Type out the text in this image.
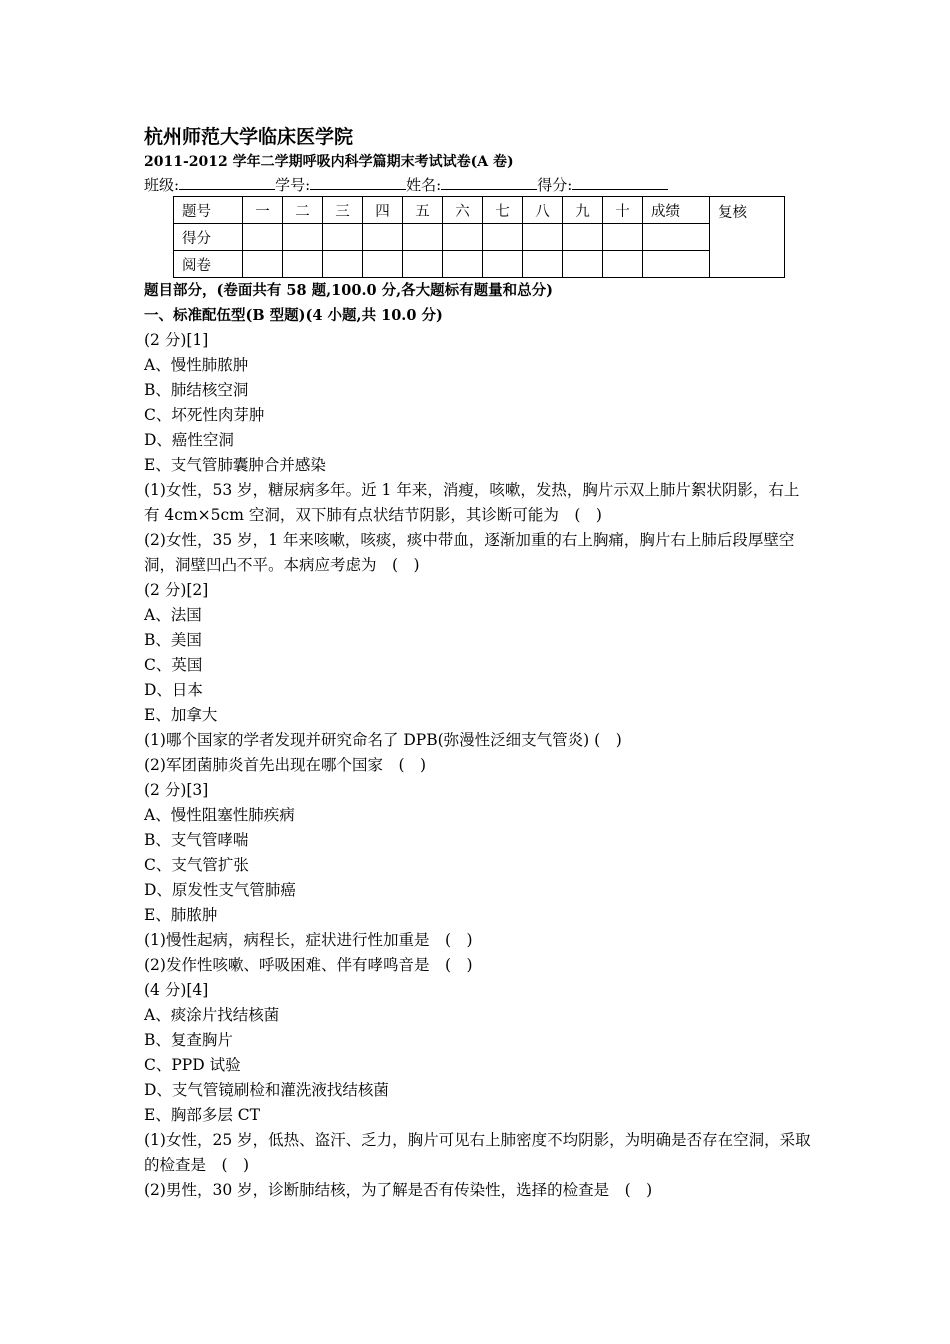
杭州师范大学临床医学院
2011-2012 学年二学期呼吸内科学篇期末考试试卷(A 卷)
班级:	学号:	姓名:	得分:
题号	一	二	三	四	五	六	七	八	九	十	成绩	复核
得分												
阅卷												
题目部分，(卷面共有 58 题,100.0 分,各大题标有题量和总分)
一、标准配伍型(B 型题)(4 小题,共 10.0 分)
(2 分)[1]
A、慢性肺脓肿
B、肺结核空洞
C、坏死性肉芽肿
D、癌性空洞
E、支气管肺囊肿合并感染
(1)女性，53 岁，糖尿病多年。近 1 年来，消瘦，咳嗽，发热，胸片示双上肺片絮状阴影，右上有 4cm×5cm 空洞，双下肺有点状结节阴影，其诊断可能为　(　)
(2)女性，35 岁，1 年来咳嗽，咳痰，痰中带血，逐渐加重的右上胸痛，胸片右上肺后段厚壁空洞，洞壁凹凸不平。本病应考虑为　(　)
(2 分)[2]
A、法国
B、美国
C、英国
D、日本
E、加拿大
(1)哪个国家的学者发现并研究命名了 DPB(弥漫性泛细支气管炎) (　)
(2)军团菌肺炎首先出现在哪个国家　(　)
(2 分)[3]
A、慢性阻塞性肺疾病
B、支气管哮喘
C、支气管扩张
D、原发性支气管肺癌
E、肺脓肿
(1)慢性起病，病程长，症状进行性加重是　(　)
(2)发作性咳嗽、呼吸困难、伴有哮鸣音是　(　)
(4 分)[4]
A、痰涂片找结核菌
B、复查胸片
C、PPD 试验
D、支气管镜刷检和灌洗液找结核菌
E、胸部多层 CT
(1)女性，25 岁，低热、盗汗、乏力，胸片可见右上肺密度不均阴影，为明确是否存在空洞，采取的检查是　(　)
(2)男性，30 岁，诊断肺结核，为了解是否有传染性，选择的检查是　(　)
